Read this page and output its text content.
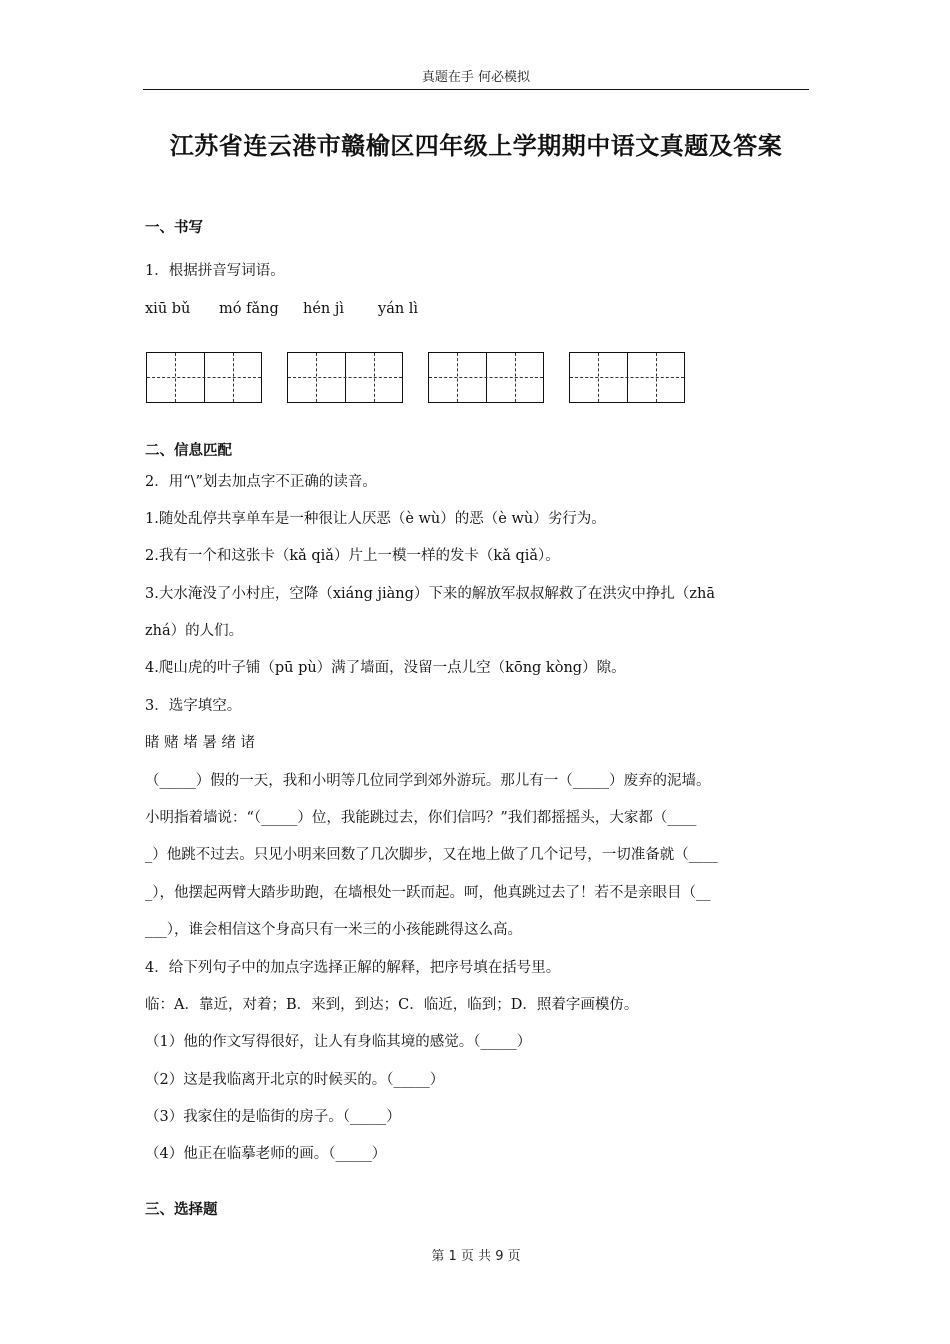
真题在手 何必模拟
江苏省连云港市赣榆区四年级上学期期中语文真题及答案
一、书写
1．根据拼音写词语。
xiū bǔ mó fǎng hén jì yán lì
二、信息匹配
2．用“\”划去加点字不正确的读音。
1.随处乱停共享单车是一种很让人厌恶（è wù）的恶（è wù）劣行为。
2.我有一个和这张卡（kǎ qiǎ）片上一模一样的发卡（kǎ qiǎ）。
3.大水淹没了小村庄，空降（xiáng jiàng）下来的解放军叔叔解救了在洪灾中挣扎（zhā
zhá）的人们。
4.爬山虎的叶子铺（pū pù）满了墙面，没留一点儿空（kōng kòng）隙。
3．选字填空。
睹 赌 堵 暑 绪 诸
（_____）假的一天，我和小明等几位同学到郊外游玩。那儿有一（_____）废弃的泥墙。
小明指着墙说：“（_____）位，我能跳过去，你们信吗？”我们都摇摇头，大家都（____
_）他跳不过去。只见小明来回数了几次脚步，又在地上做了几个记号，一切准备就（____
_），他摆起两臂大踏步助跑，在墙根处一跃而起。呵，他真跳过去了！若不是亲眼目（__
___），谁会相信这个身高只有一米三的小孩能跳得这么高。
4．给下列句子中的加点字选择正解的解释，把序号填在括号里。
临：A．靠近，对着；B．来到，到达；C．临近，临到；D．照着字画模仿。
（1）他的作文写得很好，让人有身临其境的感觉。（_____）
（2）这是我临离开北京的时候买的。（_____）
（3）我家住的是临街的房子。（_____）
（4）他正在临摹老师的画。（_____）
三、选择题
第 1 页 共 9 页
